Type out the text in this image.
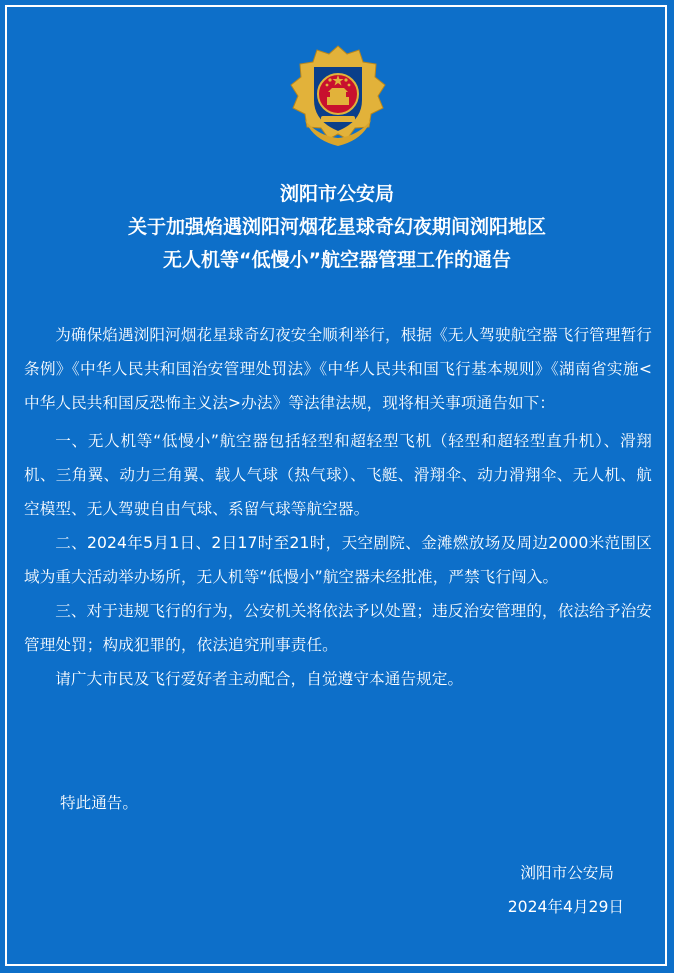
浏阳市公安局
关于加强焰遇浏阳河烟花星球奇幻夜期间浏阳地区
无人机等“低慢小”航空器管理工作的通告

为确保焰遇浏阳河烟花星球奇幻夜安全顺利举行，根据《无人驾驶航空器飞行管理暂行条例》《中华人民共和国治安管理处罚法》《中华人民共和国飞行基本规则》《湖南省实施<中华人民共和国反恐怖主义法>办法》等法律法规，现将相关事项通告如下：

一、无人机等“低慢小”航空器包括轻型和超轻型飞机（轻型和超轻型直升机）、滑翔机、三角翼、动力三角翼、载人气球（热气球）、飞艇、滑翔伞、动力滑翔伞、无人机、航空模型、无人驾驶自由气球、系留气球等航空器。

二、2024年5月1日、2日17时至21时，天空剧院、金滩燃放场及周边2000米范围区域为重大活动举办场所，无人机等“低慢小”航空器未经批准，严禁飞行闯入。

三、对于违规飞行的行为，公安机关将依法予以处置；违反治安管理的，依法给予治安管理处罚；构成犯罪的，依法追究刑事责任。

请广大市民及飞行爱好者主动配合，自觉遵守本通告规定。

特此通告。
浏阳市公安局
2024年4月29日
